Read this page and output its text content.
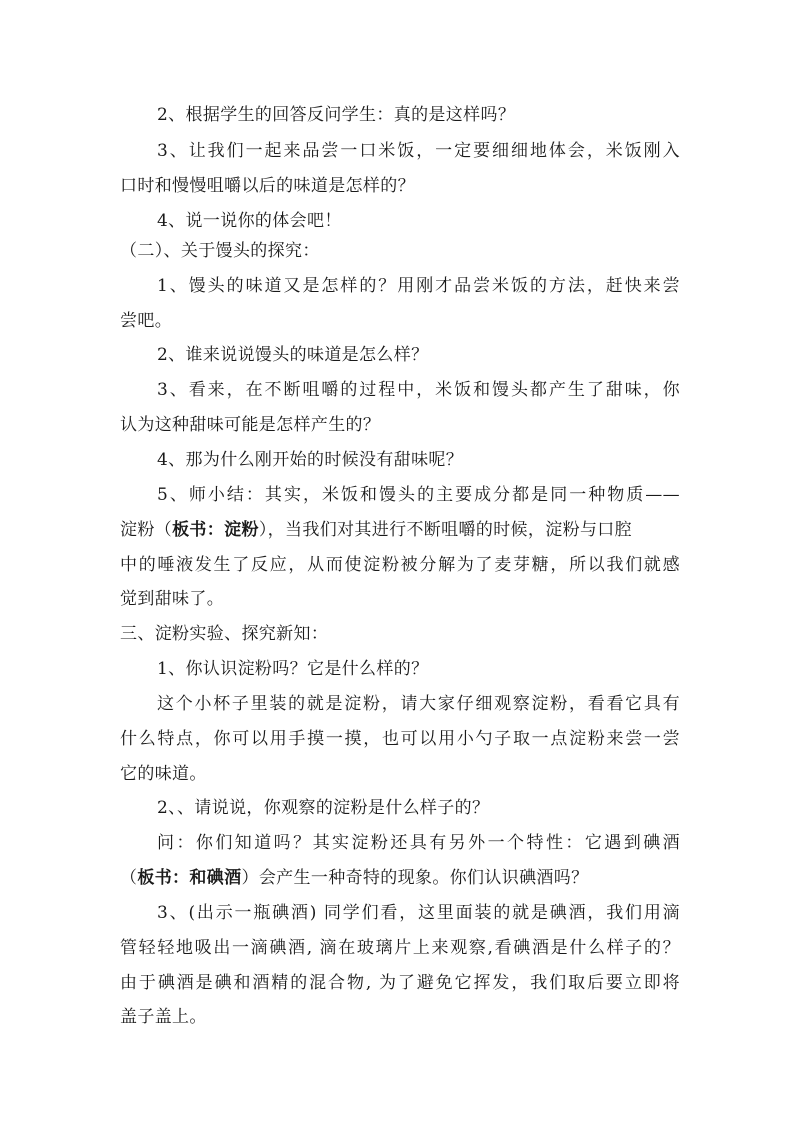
2、根据学生的回答反问学生：真的是这样吗？
3、让我们一起来品尝一口米饭，一定要细细地体会，米饭刚入
口时和慢慢咀嚼以后的味道是怎样的？
4、说一说你的体会吧！
（二）、关于馒头的探究：
1、馒头的味道又是怎样的？用刚才品尝米饭的方法，赶快来尝
尝吧。
2、谁来说说馒头的味道是怎么样？
3、看来，在不断咀嚼的过程中，米饭和馒头都产生了甜味，你
认为这种甜味可能是怎样产生的？
4、那为什么刚开始的时候没有甜味呢？
5、师小结：其实，米饭和馒头的主要成分都是同一种物质——
淀粉（板书：淀粉），当我们对其进行不断咀嚼的时候，淀粉与口腔
中的唾液发生了反应，从而使淀粉被分解为了麦芽糖，所以我们就感
觉到甜味了。
三、淀粉实验、探究新知：
1、你认识淀粉吗？它是什么样的？
这个小杯子里装的就是淀粉，请大家仔细观察淀粉，看看它具有
什么特点，你可以用手摸一摸，也可以用小勺子取一点淀粉来尝一尝
它的味道。
2、、请说说，你观察的淀粉是什么样子的？
问：你们知道吗？其实淀粉还具有另外一个特性：它遇到碘酒
（板书：和碘酒）会产生一种奇特的现象。你们认识碘酒吗？
3、(出示一瓶碘酒) 同学们看，这里面装的就是碘酒，我们用滴
管轻轻地吸出一滴碘酒, 滴在玻璃片上来观察,看碘酒是什么样子的？
由于碘酒是碘和酒精的混合物, 为了避免它挥发，我们取后要立即将
盖子盖上。
